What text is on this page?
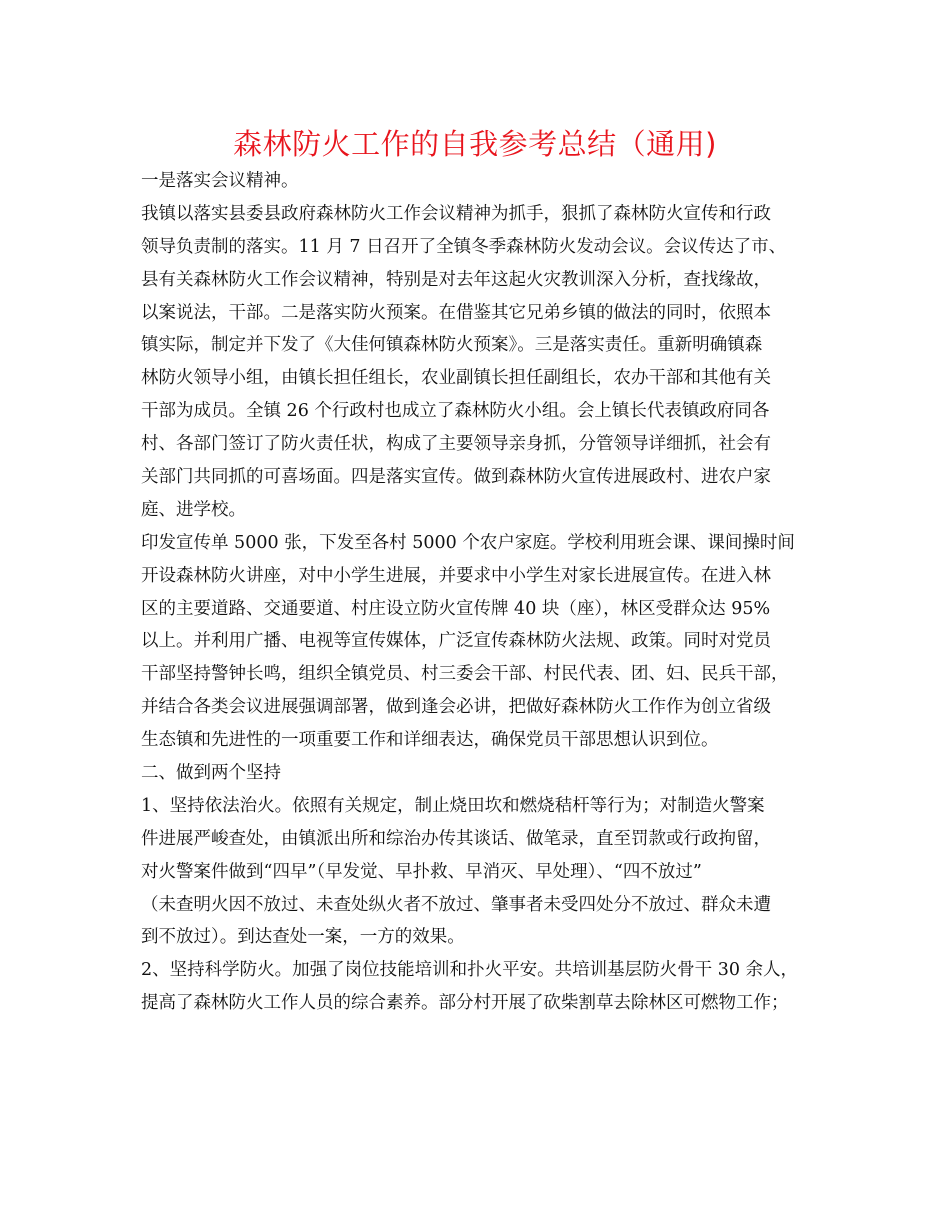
森林防火工作的自我参考总结（通用)
一是落实会议精神。
我镇以落实县委县政府森林防火工作会议精神为抓手，狠抓了森林防火宣传和行政
领导负责制的落实。11 月 7 日召开了全镇冬季森林防火发动会议。会议传达了市、
县有关森林防火工作会议精神，特别是对去年这起火灾教训深入分析，查找缘故，
以案说法，干部。二是落实防火预案。在借鉴其它兄弟乡镇的做法的同时，依照本
镇实际，制定并下发了《大佳何镇森林防火预案》。三是落实责任。重新明确镇森
林防火领导小组，由镇长担任组长，农业副镇长担任副组长，农办干部和其他有关
干部为成员。全镇 26 个行政村也成立了森林防火小组。会上镇长代表镇政府同各
村、各部门签订了防火责任状，构成了主要领导亲身抓，分管领导详细抓，社会有
关部门共同抓的可喜场面。四是落实宣传。做到森林防火宣传进展政村、进农户家
庭、进学校。
印发宣传单 5000 张，下发至各村 5000 个农户家庭。学校利用班会课、课间操时间
开设森林防火讲座，对中小学生进展，并要求中小学生对家长进展宣传。在进入林
区的主要道路、交通要道、村庄设立防火宣传牌 40 块（座），林区受群众达 95%
以上。并利用广播、电视等宣传媒体，广泛宣传森林防火法规、政策。同时对党员
干部坚持警钟长鸣，组织全镇党员、村三委会干部、村民代表、团、妇、民兵干部，
并结合各类会议进展强调部署，做到逢会必讲，把做好森林防火工作作为创立省级
生态镇和先进性的一项重要工作和详细表达，确保党员干部思想认识到位。
二、做到两个坚持
1、坚持依法治火。依照有关规定，制止烧田坎和燃烧秸杆等行为；对制造火警案
件进展严峻查处，由镇派出所和综治办传其谈话、做笔录，直至罚款或行政拘留，
对火警案件做到“四早”（早发觉、早扑救、早消灭、早处理）、“四不放过”
（未查明火因不放过、未查处纵火者不放过、肇事者未受四处分不放过、群众未遭
到不放过）。到达查处一案，一方的效果。
2、坚持科学防火。加强了岗位技能培训和扑火平安。共培训基层防火骨干 30 余人，
提高了森林防火工作人员的综合素养。部分村开展了砍柴割草去除林区可燃物工作；
